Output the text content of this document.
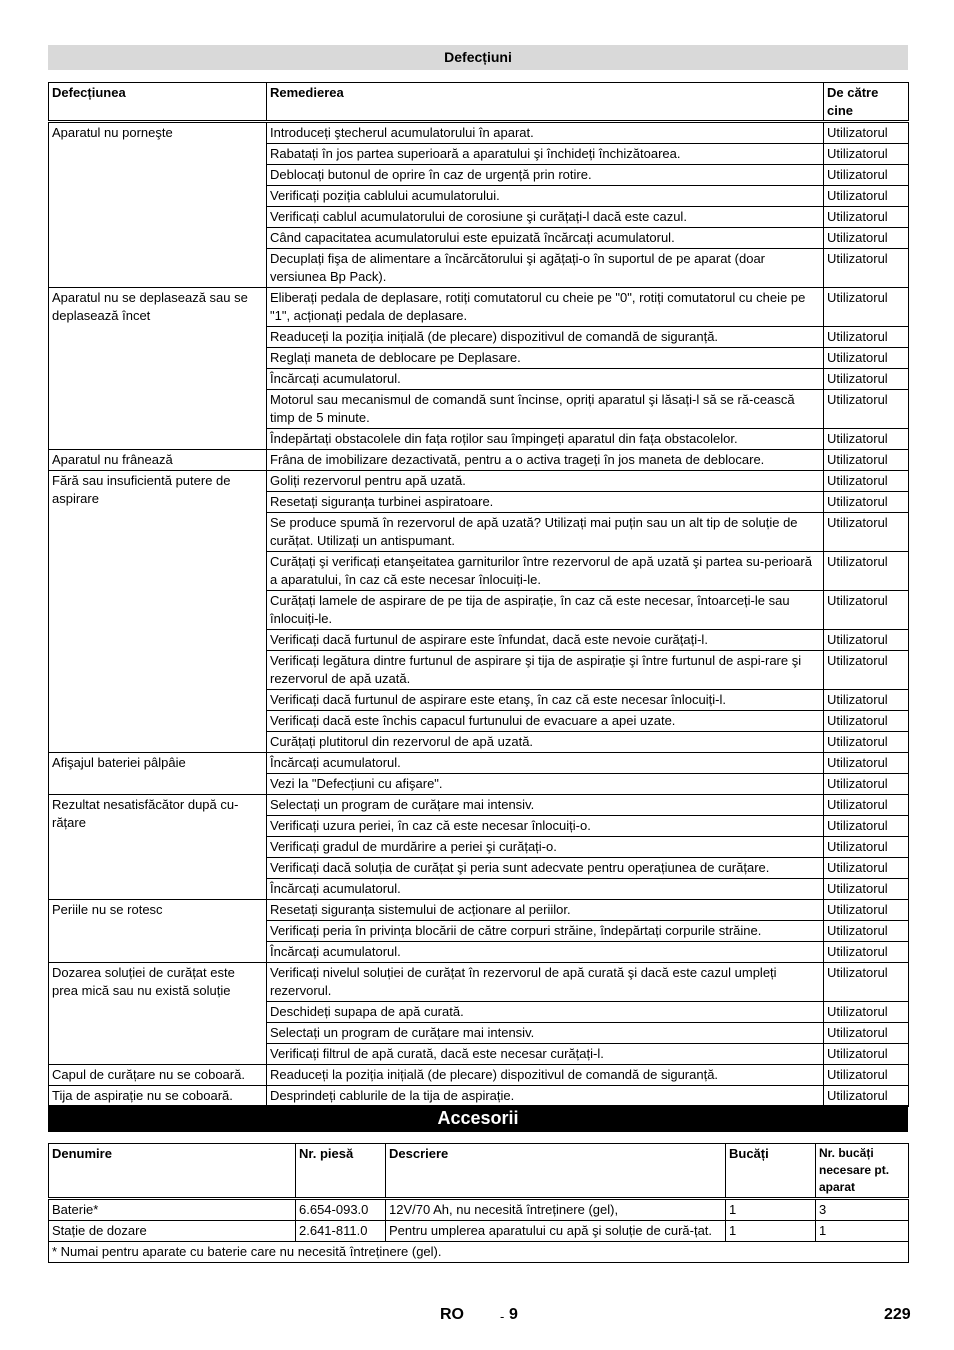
Defecțiuni
Defecțiunea	Remedierea	De către cine
Aparatul nu porneşte	Introduceți ştecherul acumulatorului în aparat.	Utilizatorul
	Rabatați în jos partea superioară a aparatului şi închideți închizătoarea.	Utilizatorul
	Deblocați butonul de oprire în caz de urgență prin rotire.	Utilizatorul
	Verificați poziția cablului acumulatorului.	Utilizatorul
	Verificați cablul acumulatorului de corosiune şi curățați-l dacă este cazul.	Utilizatorul
	Când capacitatea acumulatorului este epuizată încărcați acumulatorul.	Utilizatorul
	Decuplați fişa de alimentare a încărcătorului şi agățați-o în suportul de pe aparat (doar versiunea Bp Pack).	Utilizatorul
Aparatul nu se deplasează sau se deplasează încet	Eliberați pedala de deplasare, rotiți comutatorul cu cheie pe "0", rotiți comutatorul cu cheie pe "1", acționați pedala de deplasare.	Utilizatorul
	Readuceți la poziția inițială (de plecare) dispozitivul de comandă de siguranță.	Utilizatorul
	Reglați maneta de deblocare pe Deplasare.	Utilizatorul
	Încărcați acumulatorul.	Utilizatorul
	Motorul sau mecanismul de comandă sunt încinse, opriți aparatul şi lăsați-l să se ră-cească timp de 5 minute.	Utilizatorul
	Îndepărtați obstacolele din fața roților sau împingeți aparatul din fața obstacolelor.	Utilizatorul
Aparatul nu frânează	Frâna de imobilizare dezactivată, pentru a o activa trageți în jos maneta de deblocare.	Utilizatorul
Fără sau insuficientă putere de aspirare	Goliți rezervorul pentru apă uzată.	Utilizatorul
	Resetați siguranța turbinei aspiratoare.	Utilizatorul
	Se produce spumă în rezervorul de apă uzată? Utilizați mai puțin sau un alt tip de soluție de curățat. Utilizați un antispumant.	Utilizatorul
	Curățați şi verificați etanşeitatea garniturilor între rezervorul de apă uzată şi partea su-perioară a aparatului, în caz că este necesar înlocuiți-le.	Utilizatorul
	Curățați lamele de aspirare de pe tija de aspirație, în caz că este necesar, întoarceți-le sau înlocuiți-le.	Utilizatorul
	Verificați dacă furtunul de aspirare este înfundat, dacă este nevoie curățați-l.	Utilizatorul
	Verificați legătura dintre furtunul de aspirare şi tija de aspirație şi între furtunul de aspi-rare şi rezervorul de apă uzată.	Utilizatorul
	Verificați dacă furtunul de aspirare este etanş, în caz că este necesar înlocuiți-l.	Utilizatorul
	Verificați dacă este închis capacul furtunului de evacuare a apei uzate.	Utilizatorul
	Curățați plutitorul din rezervorul de apă uzată.	Utilizatorul
Afişajul bateriei pâlpâie	Încărcați acumulatorul.	Utilizatorul
	Vezi la "Defecțiuni cu afişare".	Utilizatorul
Rezultat nesatisfăcător după cu-rățare	Selectați un program de curățare mai intensiv.	Utilizatorul
	Verificați uzura periei, în caz că este necesar înlocuiți-o.	Utilizatorul
	Verificați gradul de murdărire a periei şi curățați-o.	Utilizatorul
	Verificați dacă soluția de curățat şi peria sunt adecvate pentru operațiunea de curățare.	Utilizatorul
	Încărcați acumulatorul.	Utilizatorul
Periile nu se rotesc	Resetați siguranța sistemului de acționare al periilor.	Utilizatorul
	Verificați peria în privința blocării de către corpuri străine, îndepărtați corpurile străine.	Utilizatorul
	Încărcați acumulatorul.	Utilizatorul
Dozarea soluției de curățat este prea mică sau nu există soluție	Verificați nivelul soluției de curățat în rezervorul de apă curată şi dacă este cazul umpleți rezervorul.	Utilizatorul
	Deschideți supapa de apă curată.	Utilizatorul
	Selectați un program de curățare mai intensiv.	Utilizatorul
	Verificați filtrul de apă curată, dacă este necesar curățați-l.	Utilizatorul
Capul de curățare nu se coboară.	Readuceți la poziția inițială (de plecare) dispozitivul de comandă de siguranță.	Utilizatorul
Tija de aspirație nu se coboară.	Desprindeți cablurile de la tija de aspirație.	Utilizatorul
Accesorii
Denumire	Nr. piesă	Descriere	Bucăți	Nr. bucăți necesare pt. aparat
Baterie*	6.654-093.0	12V/70 Ah, nu necesită întreținere (gel),	1	3
Stație de dozare	2.641-811.0	Pentru umplerea aparatului cu apă şi soluție de cură-țat.	1	1
* Numai pentru aparate cu baterie care nu necesită întreținere (gel).				
RO	- 9	229
